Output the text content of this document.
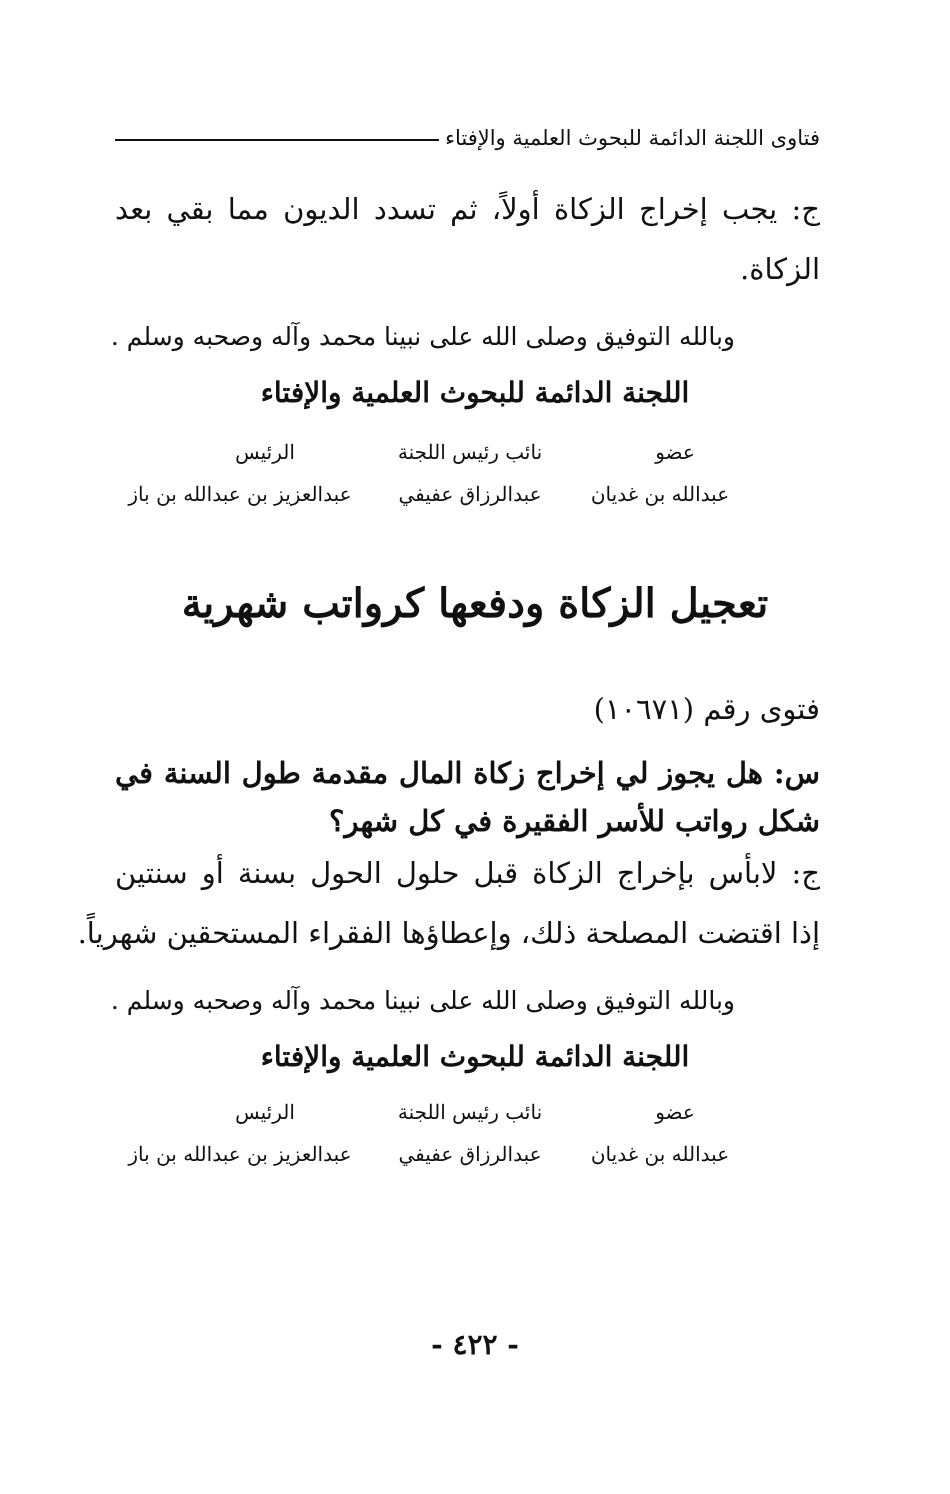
فتاوى اللجنة الدائمة للبحوث العلمية والإفتاء
ج: يجب إخراج الزكاة أولاً، ثم تسدد الديون مما بقي بعد
الزكاة.
وبالله التوفيق وصلى الله على نبينا محمد وآله وصحبه وسلم .
اللجنة الدائمة للبحوث العلمية والإفتاء
عضو
نائب رئيس اللجنة
الرئيس
عبدالله بن غديان
عبدالرزاق عفيفي
عبدالعزيز بن عبدالله بن باز
تعجيل الزكاة ودفعها كرواتب شهرية
فتوى رقم (١٠٦٧١)
س: هل يجوز لي إخراج زكاة المال مقدمة طول السنة في
شكل رواتب للأسر الفقيرة في كل شهر؟
ج: لابأس بإخراج الزكاة قبل حلول الحول بسنة أو سنتين
إذا اقتضت المصلحة ذلك، وإعطاؤها الفقراء المستحقين شهرياً.
وبالله التوفيق وصلى الله على نبينا محمد وآله وصحبه وسلم .
اللجنة الدائمة للبحوث العلمية والإفتاء
عضو
نائب رئيس اللجنة
الرئيس
عبدالله بن غديان
عبدالرزاق عفيفي
عبدالعزيز بن عبدالله بن باز
- ٤٢٢ -
